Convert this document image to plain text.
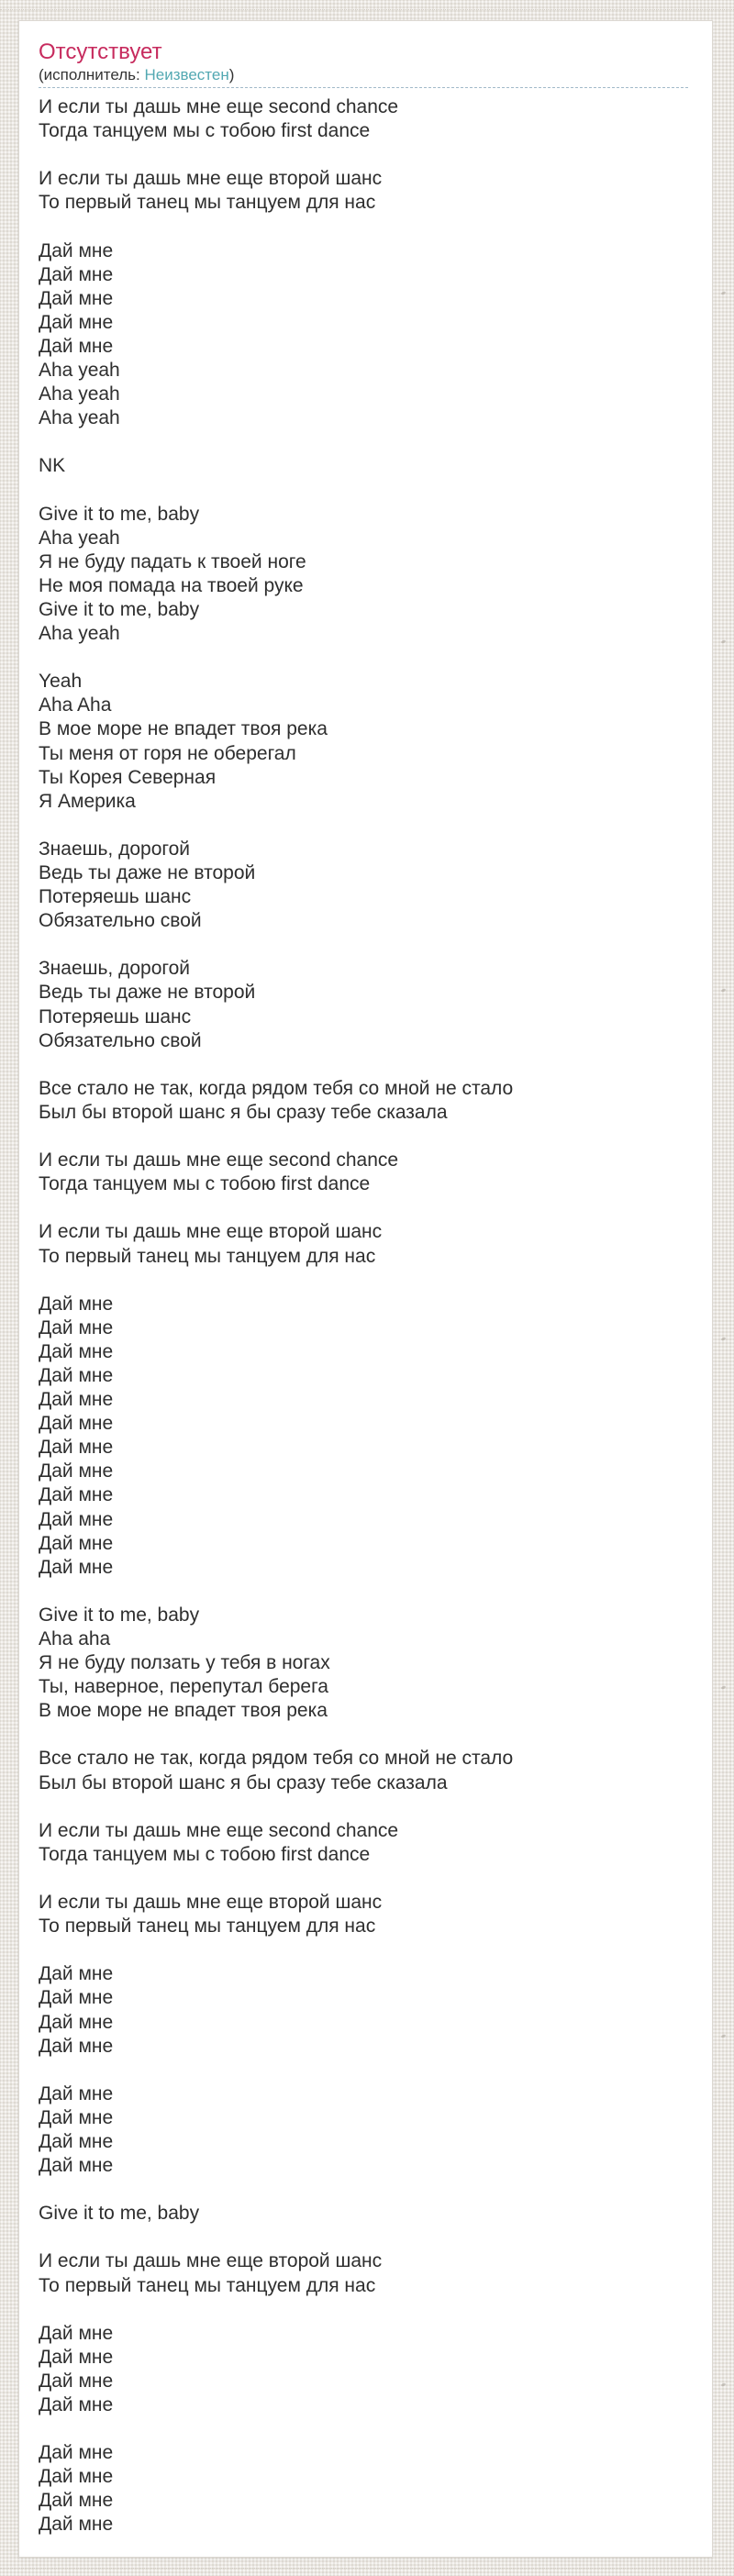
Отсутствует
(исполнитель: Неизвестен)
И если ты дашь мне еще second chance
Тогда танцуем мы с тобою first dance
И если ты дашь мне еще второй шанс
То первый танец мы танцуем для нас
Дай мне
Дай мне
Дай мне
Дай мне
Дай мне
Aha yeah
Aha yeah
Aha yeah
NK
Give it to me, baby
Aha yeah
Я не буду падать к твоей ноге
Не моя помада на твоей руке
Give it to me, baby
Aha yeah
Yeah
Aha Aha
В мое море не впадет твоя река
Ты меня от горя не оберегал
Ты Корея Северная
Я Америка
Знаешь, дорогой
Ведь ты даже не второй
Потеряешь шанс
Обязательно свой
Знаешь, дорогой
Ведь ты даже не второй
Потеряешь шанс
Обязательно свой
Все стало не так, когда рядом тебя со мной не стало
Был бы второй шанс я бы сразу тебе сказала
И если ты дашь мне еще second chance
Тогда танцуем мы с тобою first dance
И если ты дашь мне еще второй шанс
То первый танец мы танцуем для нас
Дай мне
Дай мне
Дай мне
Дай мне
Дай мне
Дай мне
Дай мне
Дай мне
Дай мне
Дай мне
Дай мне
Дай мне
Give it to me, baby
Aha aha
Я не буду ползать у тебя в ногах
Ты, наверное, перепутал берега
В мое море не впадет твоя река
Все стало не так, когда рядом тебя со мной не стало
Был бы второй шанс я бы сразу тебе сказала
И если ты дашь мне еще second chance
Тогда танцуем мы с тобою first dance
И если ты дашь мне еще второй шанс
То первый танец мы танцуем для нас
Дай мне
Дай мне
Дай мне
Дай мне
Дай мне
Дай мне
Дай мне
Дай мне
Give it to me, baby
И если ты дашь мне еще второй шанс
То первый танец мы танцуем для нас
Дай мне
Дай мне
Дай мне
Дай мне
Дай мне
Дай мне
Дай мне
Дай мне
